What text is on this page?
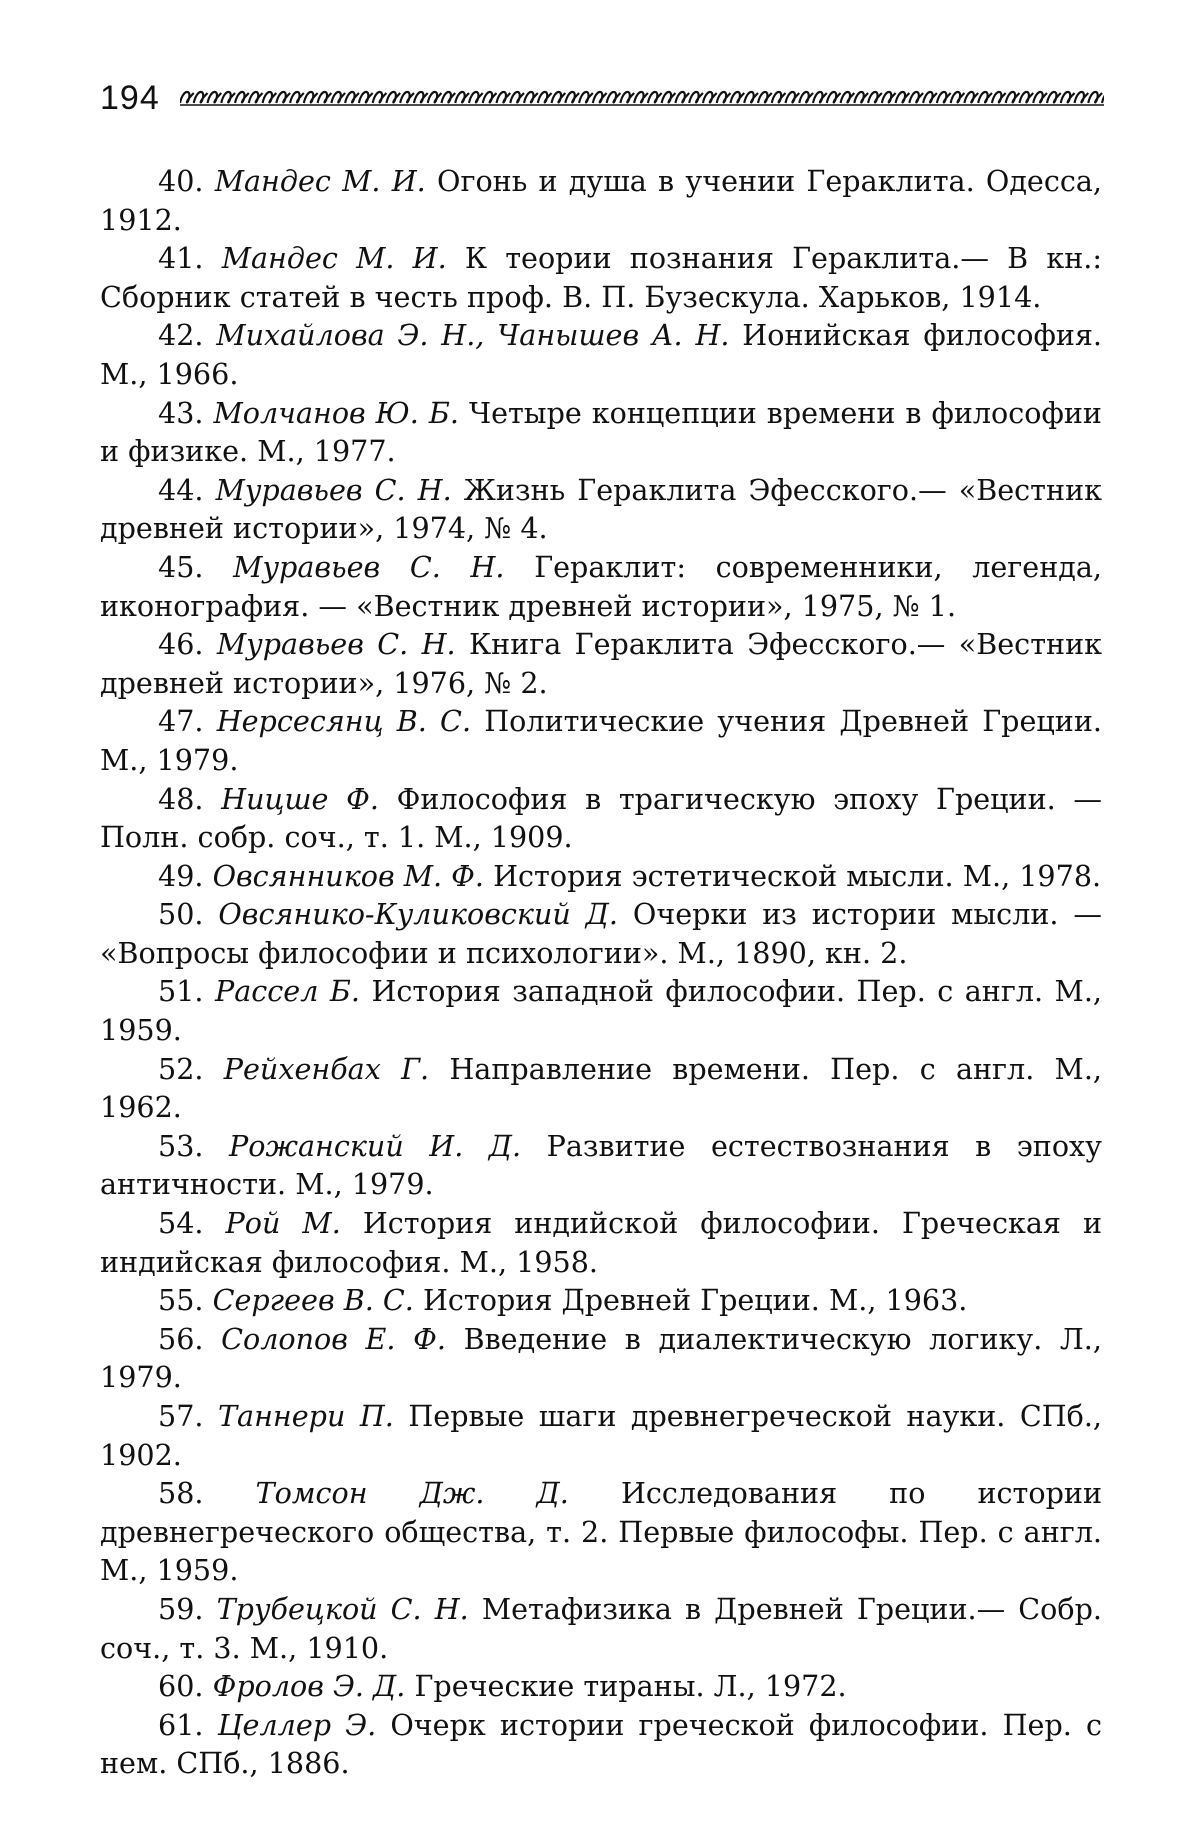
194

40. Мандес М. И. Огонь и душа в учении Гераклита. Одесса, 1912.

41. Мандес М. И. К теории познания Гераклита.— В кн.: Сборник статей в честь проф. В. П. Бузескула. Харьков, 1914.

42. Михайлова Э. Н., Чанышев А. Н. Ионийская философия. М., 1966.

43. Молчанов Ю. Б. Четыре концепции времени в философии и физике. М., 1977.

44. Муравьев С. Н. Жизнь Гераклита Эфесского.— «Вестник древней истории», 1974, № 4.

45. Муравьев С. Н. Гераклит: современники, легенда, иконография. — «Вестник древней истории», 1975, № 1.

46. Муравьев С. Н. Книга Гераклита Эфесского.— «Вестник древней истории», 1976, № 2.

47. Нерсесянц В. С. Политические учения Древней Греции. М., 1979.

48. Ницше Ф. Философия в трагическую эпоху Греции. — Полн. собр. соч., т. 1. М., 1909.

49. Овсянников М. Ф. История эстетической мысли. М., 1978.

50. Овсянико-Куликовский Д. Очерки из истории мысли. — «Вопросы философии и психологии». М., 1890, кн. 2.

51. Рассел Б. История западной философии. Пер. с англ. М., 1959.

52. Рейхенбах Г. Направление времени. Пер. с англ. М., 1962.

53. Рожанский И. Д. Развитие естествознания в эпоху античности. М., 1979.

54. Рой М. История индийской философии. Греческая и индийская философия. М., 1958.

55. Сергеев В. С. История Древней Греции. М., 1963.

56. Солопов Е. Ф. Введение в диалектическую логику. Л., 1979.

57. Таннери П. Первые шаги древнегреческой науки. СПб., 1902.

58. Томсон Дж. Д. Исследования по истории древнегреческого общества, т. 2. Первые философы. Пер. с англ. М., 1959.

59. Трубецкой С. Н. Метафизика в Древней Греции.— Собр. соч., т. 3. М., 1910.

60. Фролов Э. Д. Греческие тираны. Л., 1972.

61. Целлер Э. Очерк истории греческой философии. Пер. с нем. СПб., 1886.
